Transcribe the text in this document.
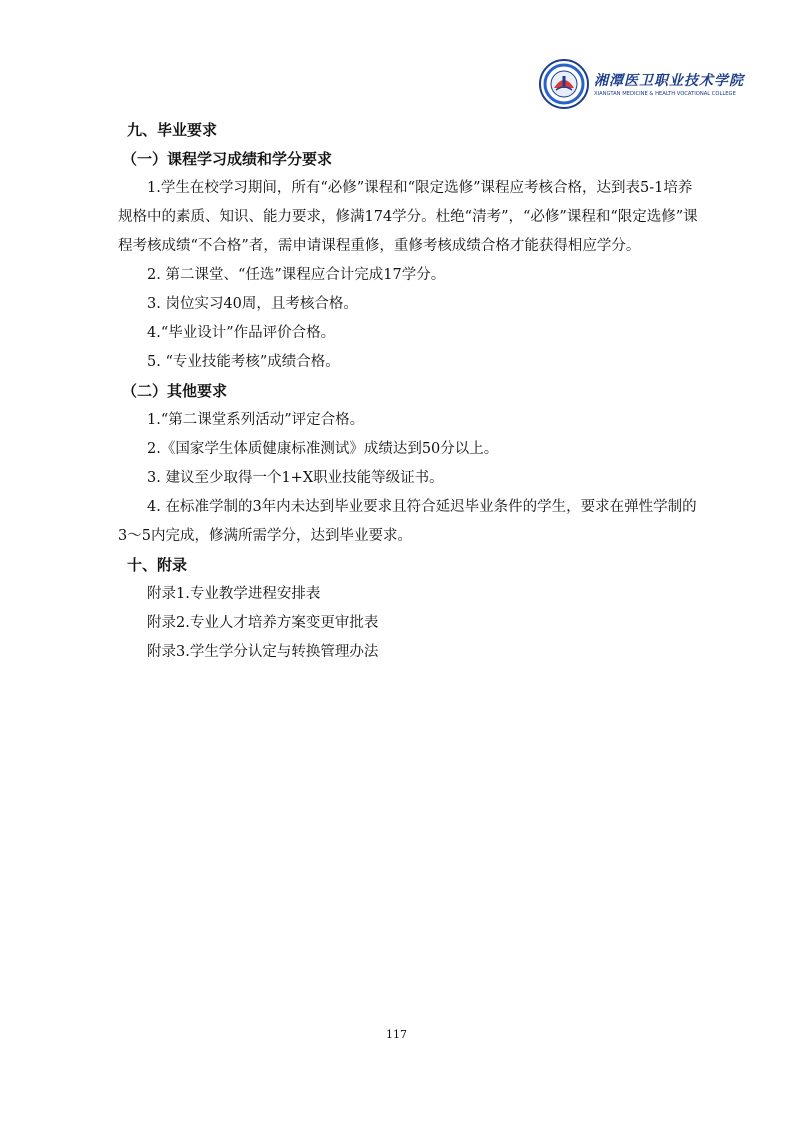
湘潭医卫职业技术学院
XIANGTAN MEDICINE & HEALTH VOCATIONAL COLLEGE
九、毕业要求
（一）课程学习成绩和学分要求
1.学生在校学习期间，所有“必修”课程和“限定选修”课程应考核合格，达到表5-1培养规格中的素质、知识、能力要求，修满174学分。杜绝“清考”，“必修”课程和“限定选修”课程考核成绩“不合格”者，需申请课程重修，重修考核成绩合格才能获得相应学分。
2. 第二课堂、“任选”课程应合计完成17学分。
3. 岗位实习40周，且考核合格。
4.“毕业设计”作品评价合格。
5. “专业技能考核”成绩合格。
（二）其他要求
1.“第二课堂系列活动”评定合格。
2.《国家学生体质健康标准测试》成绩达到50分以上。
3. 建议至少取得一个1+X职业技能等级证书。
4. 在标准学制的3年内未达到毕业要求且符合延迟毕业条件的学生，要求在弹性学制的3～5内完成，修满所需学分，达到毕业要求。
十、附录
附录1.专业教学进程安排表
附录2.专业人才培养方案变更审批表
附录3.学生学分认定与转换管理办法
117
